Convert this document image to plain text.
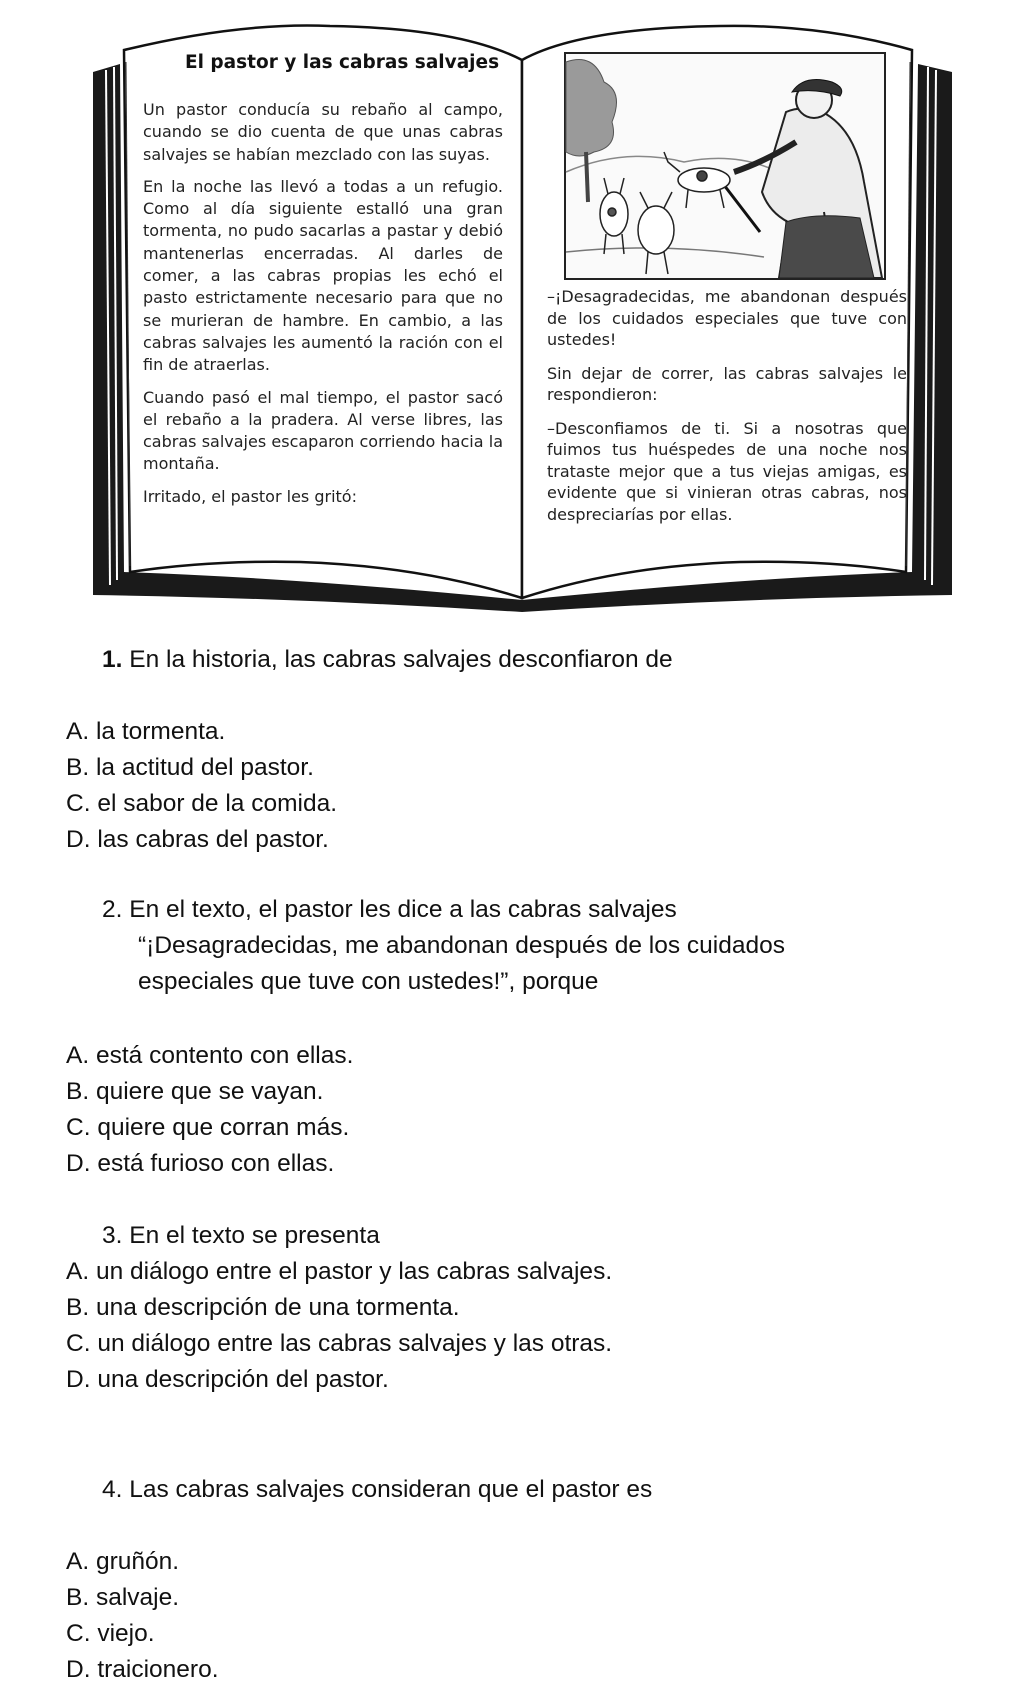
El pastor y las cabras salvajes

Un pastor conducía su rebaño al campo, cuando se dio cuenta de que unas cabras salvajes se habían mezclado con las suyas.

En la noche las llevó a todas a un refugio. Como al día siguiente estalló una gran tormenta, no pudo sacarlas a pastar y debió mantenerlas encerradas. Al darles de comer, a las cabras propias les echó el pasto estrictamente necesario para que no se murieran de hambre. En cambio, a las cabras salvajes les aumentó la ración con el fin de atraerlas.

Cuando pasó el mal tiempo, el pastor sacó el rebaño a la pradera. Al verse libres, las cabras salvajes escaparon corriendo hacia la montaña.

Irritado, el pastor les gritó:

–¡Desagradecidas, me abandonan después de los cuidados especiales que tuve con ustedes!

Sin dejar de correr, las cabras salvajes le respondieron:

–Desconfiamos de ti. Si a nosotras que fuimos tus huéspedes de una noche nos trataste mejor que a tus viejas amigas, es evidente que si vinieran otras cabras, nos despreciarías por ellas.

1. En la historia, las cabras salvajes desconfiaron de

A. la tormenta.

B. la actitud del pastor.

C. el sabor de la comida.

D. las cabras del pastor.

2. En el texto, el pastor les dice a las cabras salvajes
“¡Desagradecidas, me abandonan después de los cuidados
especiales que tuve con ustedes!”, porque

A. está contento con ellas.

B. quiere que se vayan.

C. quiere que corran más.

D. está furioso con ellas.

3. En el texto se presenta

A. un diálogo entre el pastor y las cabras salvajes.

B. una descripción de una tormenta.

C. un diálogo entre las cabras salvajes y las otras.

D. una descripción del pastor.

4. Las cabras salvajes consideran que el pastor es

A. gruñón.

B. salvaje.

C. viejo.

D. traicionero.
